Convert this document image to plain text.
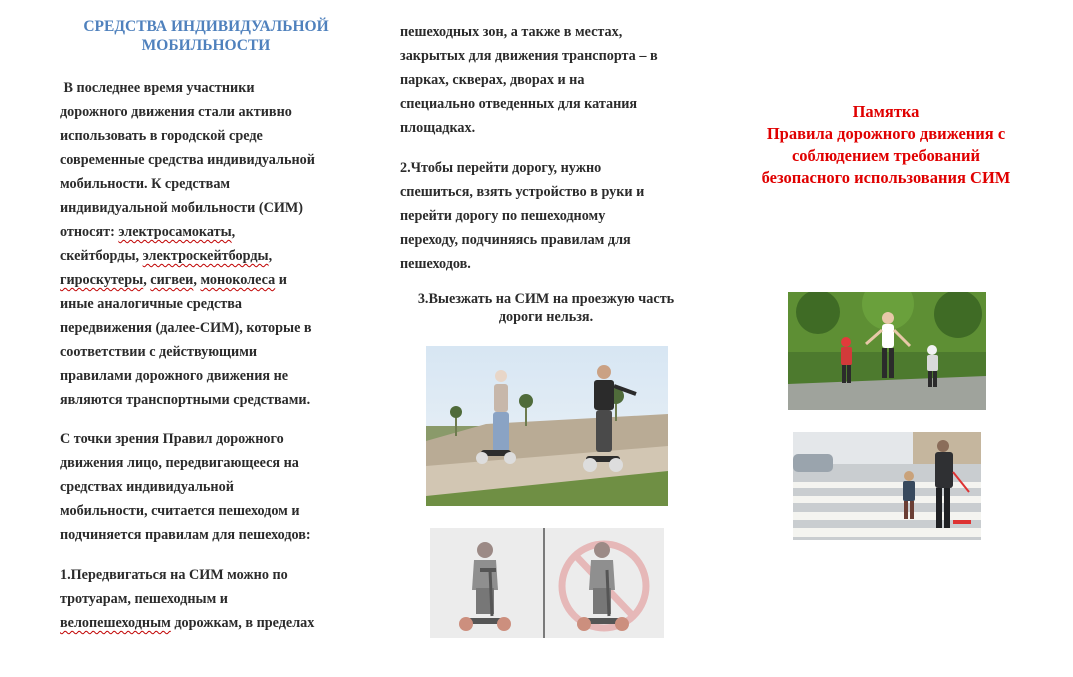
СРЕДСТВА ИНДИВИДУАЛЬНОЙ
МОБИЛЬНОСТИ
В последнее время участники
дорожного движения стали активно
использовать в городской среде
современные средства индивидуальной
мобильности. К средствам
индивидуальной мобильности (СИМ)
относят: электросамокаты,
скейтборды, электроскейтборды,
гироскутеры, сигвеи, моноколеса и
иные аналогичные средства
передвижения (далее-СИМ), которые в
соответствии с действующими
правилами дорожного движения не
являются транспортными средствами.
С точки зрения Правил дорожного
движения лицо, передвигающееся на
средствах индивидуальной
мобильности, считается пешеходом и
подчиняется правилам для пешеходов:
1.Передвигаться на СИМ можно по
тротуарам, пешеходным и
велопешеходным дорожкам, в пределах
пешеходных зон, а также в местах,
закрытых для движения транспорта – в
парках, скверах, дворах и на
специально отведенных для катания
площадках.
2.Чтобы перейти дорогу, нужно
спешиться, взять устройство в руки и
перейти дорогу по пешеходному
переходу, подчиняясь правилам для
пешеходов.
3.Выезжать на СИМ на проезжую часть
дороги нельзя.
Памятка
Правила дорожного движения с
соблюдением требований
безопасного использования СИМ
